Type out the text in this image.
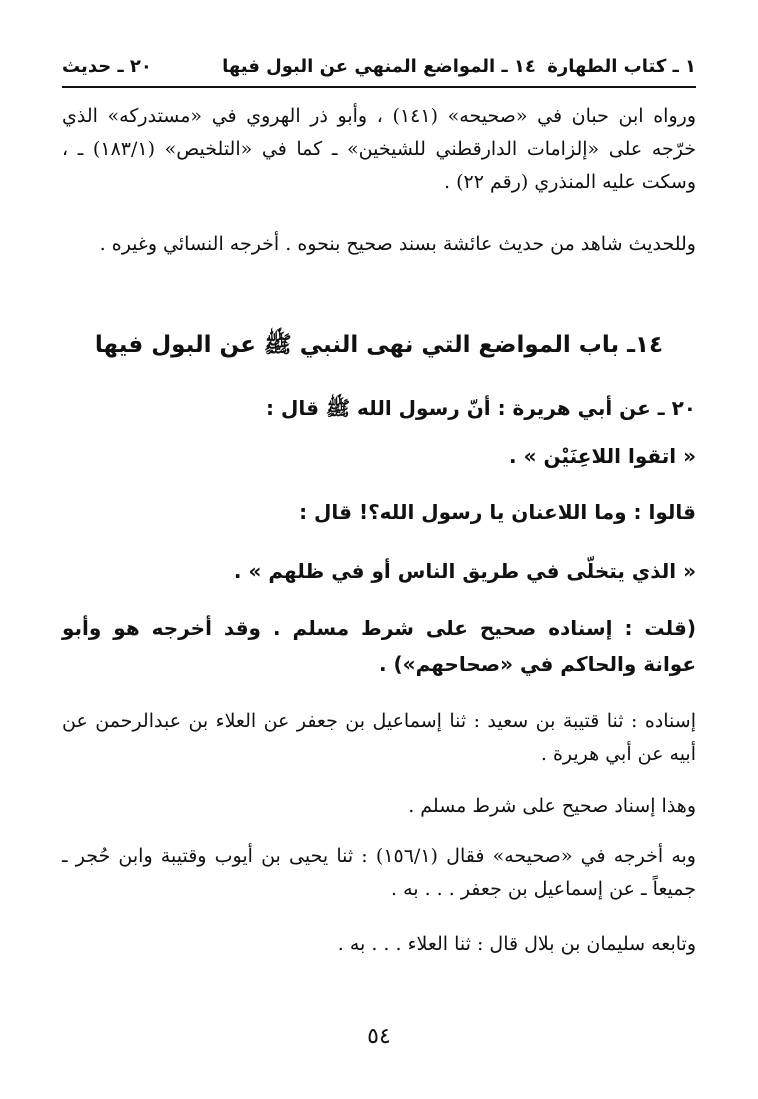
١ ـ كتاب الطهارة
١٤ ـ المواضع المنهي عن البول فيها
٢٠ ـ حديث
ورواه ابن حبان في «صحيحه» (١٤١) ، وأبو ذر الهروي في «مستدركه» الذي خرّجه على «إلزامات الدارقطني للشيخين» ـ كما في «التلخيص» (١٨٣/١) ـ ، وسكت عليه المنذري (رقم ٢٢) .
وللحديث شاهد من حديث عائشة بسند صحيح بنحوه . أخرجه النسائي وغيره .
١٤ـ باب المواضع التي نهى النبي ﷺ عن البول فيها
٢٠ ـ عن أبي هريرة : أنّ رسول الله ﷺ قال :
« اتقوا اللاعِنَيْن » .
قالوا : وما اللاعنان يا رسول الله؟! قال :
« الذي يتخلّى في طريق الناس أو في ظلهم » .
(قلت : إسناده صحيح على شرط مسلم . وقد أخرجه هو وأبو عوانة والحاكم في «صحاحهم») .
إسناده : ثنا قتيبة بن سعيد : ثنا إسماعيل بن جعفر عن العلاء بن عبدالرحمن عن أبيه عن أبي هريرة .
وهذا إسناد صحيح على شرط مسلم .
وبه أخرجه في «صحيحه» فقال (١٥٦/١) : ثنا يحيى بن أيوب وقتيبة وابن حُجر ـ جميعاً ـ عن إسماعيل بن جعفر . . . به .
وتابعه سليمان بن بلال قال : ثنا العلاء . . . به .
٥٤
